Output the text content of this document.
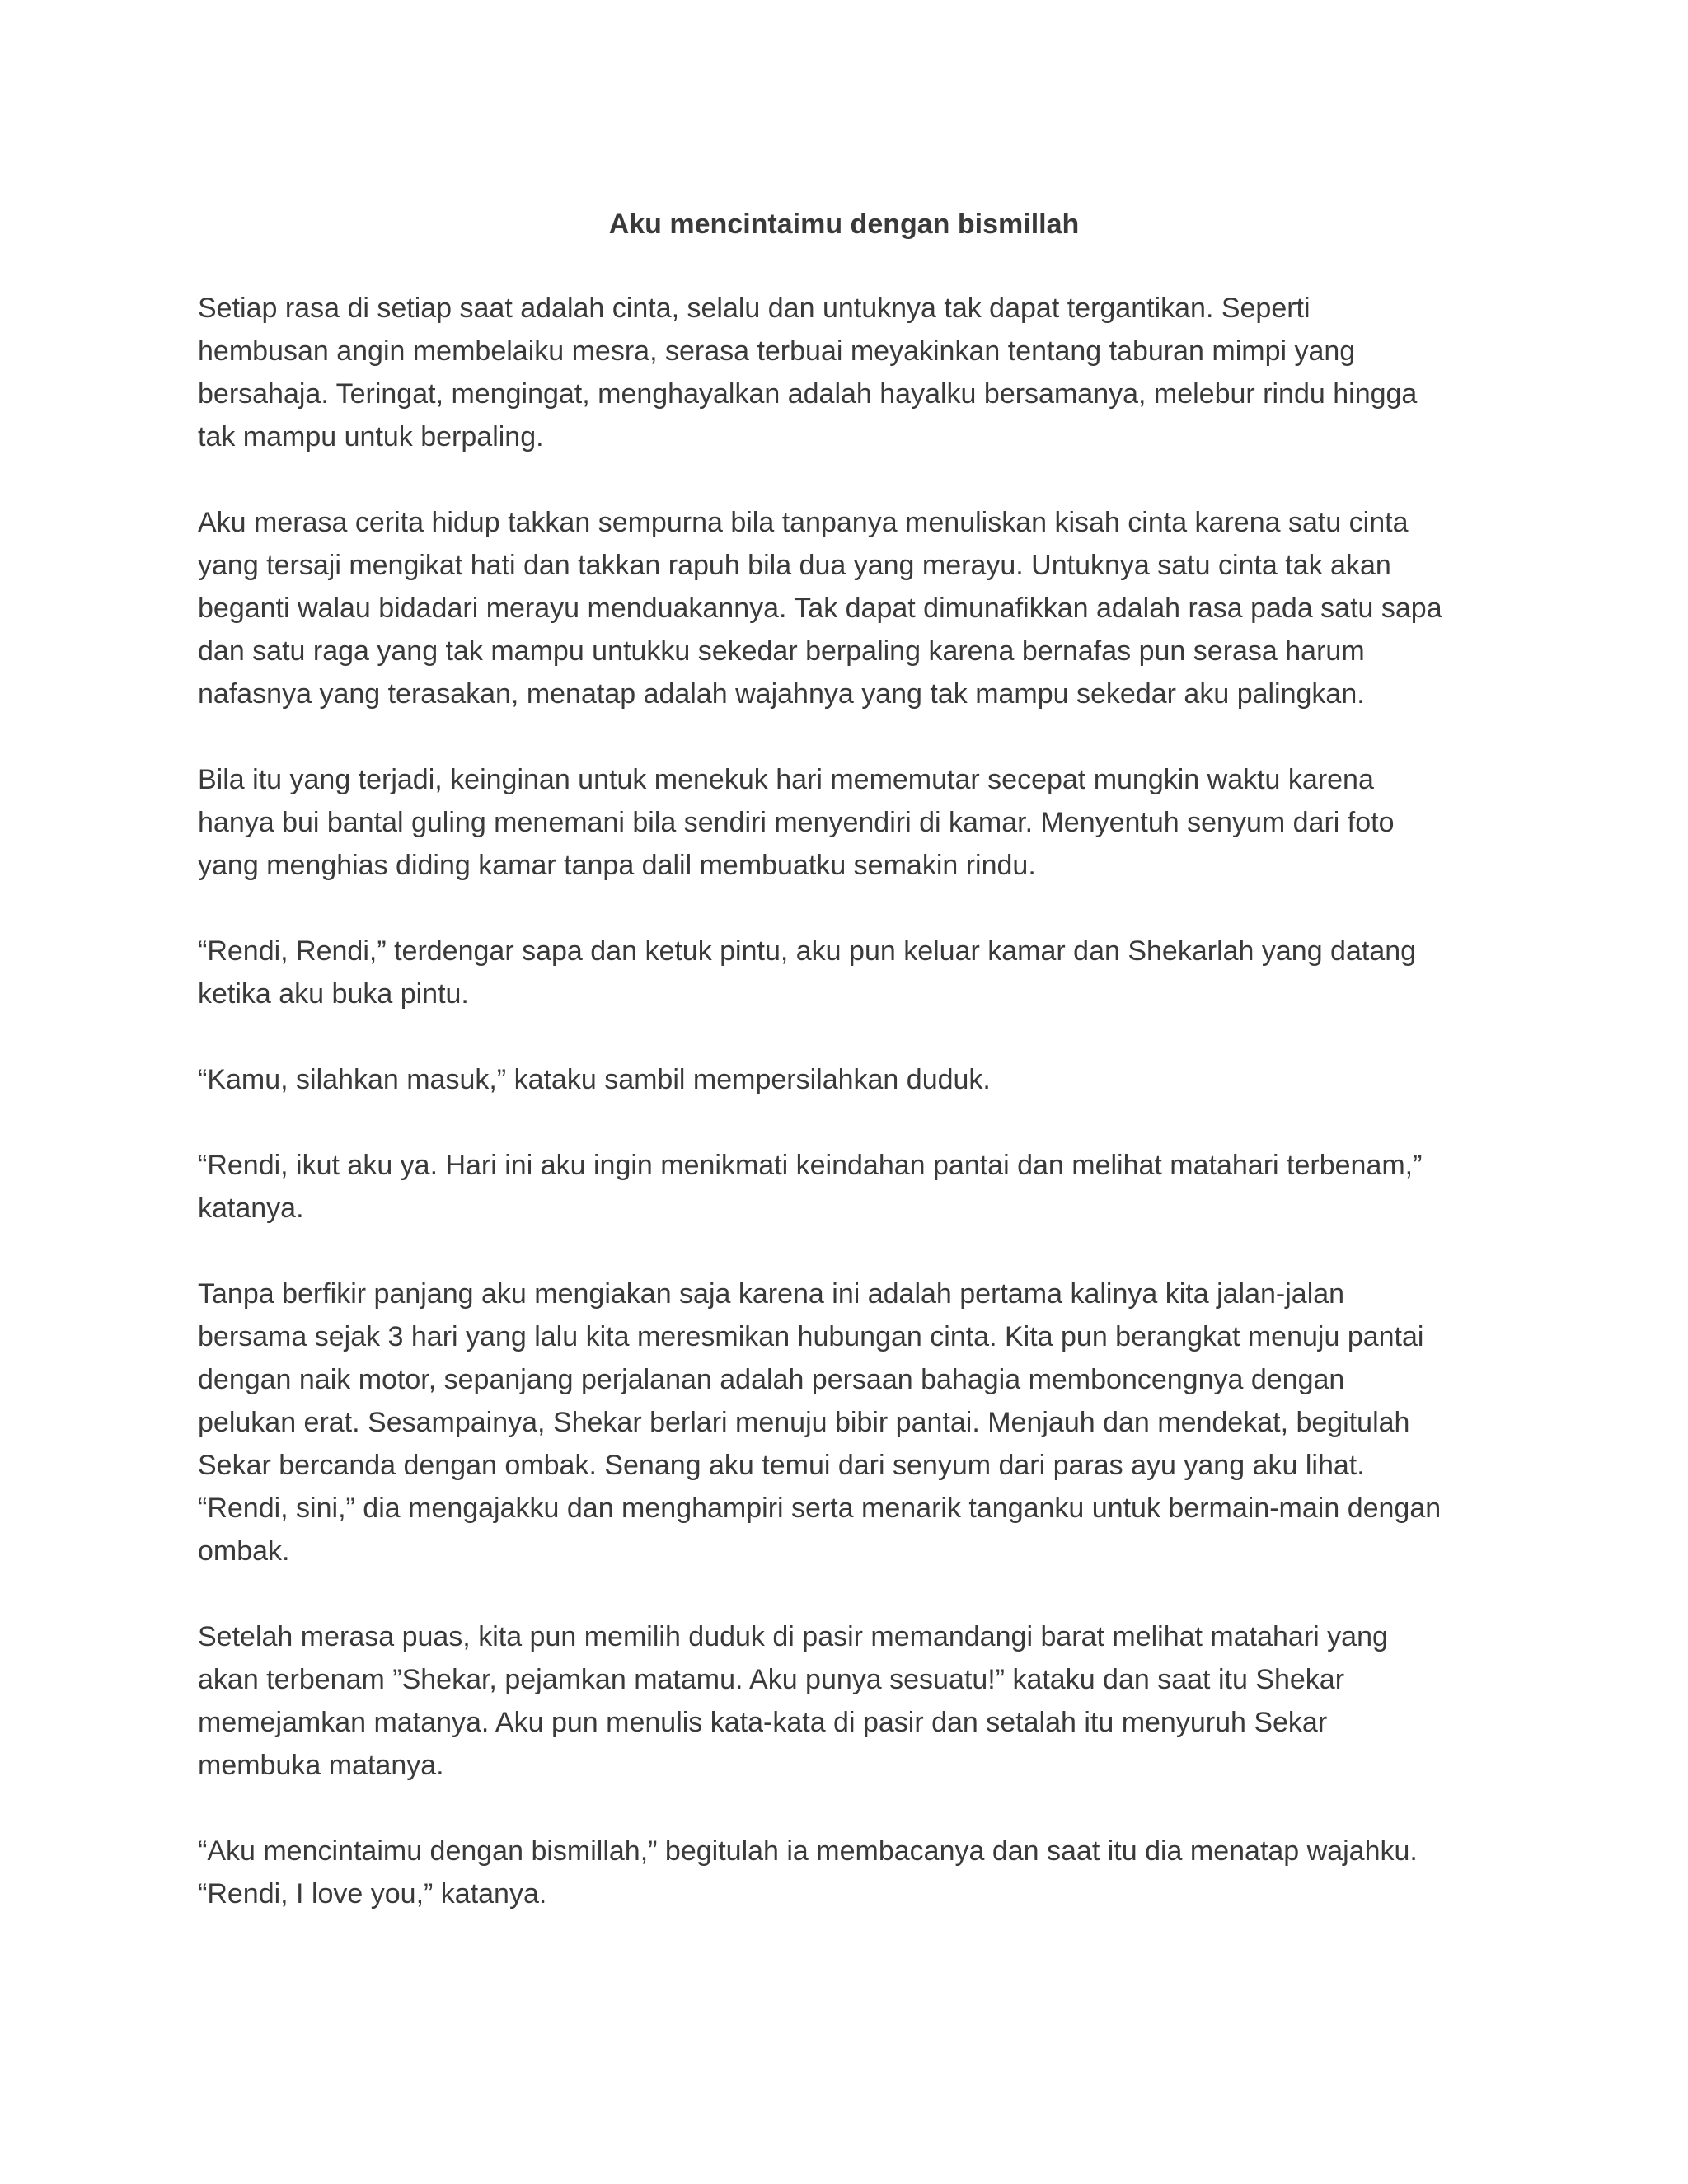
Aku mencintaimu dengan bismillah

Setiap rasa di setiap saat adalah cinta, selalu dan untuknya tak dapat tergantikan. Seperti
hembusan angin membelaiku mesra, serasa terbuai meyakinkan tentang taburan mimpi yang
bersahaja. Teringat, mengingat, menghayalkan adalah hayalku bersamanya, melebur rindu hingga
tak mampu untuk berpaling.

Aku merasa cerita hidup takkan sempurna bila tanpanya menuliskan kisah cinta karena satu cinta
yang tersaji mengikat hati dan takkan rapuh bila dua yang merayu. Untuknya satu cinta tak akan
beganti walau bidadari merayu menduakannya. Tak dapat dimunafikkan adalah rasa pada satu sapa
dan satu raga yang tak mampu untukku sekedar berpaling karena bernafas pun serasa harum
nafasnya yang terasakan, menatap adalah wajahnya yang tak mampu sekedar aku palingkan.

Bila itu yang terjadi, keinginan untuk menekuk hari mememutar secepat mungkin waktu karena
hanya bui bantal guling menemani bila sendiri menyendiri di kamar. Menyentuh senyum dari foto
yang menghias diding kamar tanpa dalil membuatku semakin rindu.

“Rendi, Rendi,” terdengar sapa dan ketuk pintu, aku pun keluar kamar dan Shekarlah yang datang
ketika aku buka pintu.

“Kamu, silahkan masuk,” kataku sambil mempersilahkan duduk.

“Rendi, ikut aku ya. Hari ini aku ingin menikmati keindahan pantai dan melihat matahari terbenam,”
katanya.

Tanpa berfikir panjang aku mengiakan saja karena ini adalah pertama kalinya kita jalan-jalan
bersama sejak 3 hari yang lalu kita meresmikan hubungan cinta. Kita pun berangkat menuju pantai
dengan naik motor, sepanjang perjalanan adalah persaan bahagia memboncengnya dengan
pelukan erat. Sesampainya, Shekar berlari menuju bibir pantai. Menjauh dan mendekat, begitulah
Sekar bercanda dengan ombak. Senang aku temui dari senyum dari paras ayu yang aku lihat.
“Rendi, sini,” dia mengajakku dan menghampiri serta menarik tanganku untuk bermain-main dengan
ombak.

Setelah merasa puas, kita pun memilih duduk di pasir memandangi barat melihat matahari yang
akan terbenam ”Shekar, pejamkan matamu. Aku punya sesuatu!” kataku dan saat itu Shekar
memejamkan matanya. Aku pun menulis kata-kata di pasir dan setalah itu menyuruh Sekar
membuka matanya.

“Aku mencintaimu dengan bismillah,” begitulah ia membacanya dan saat itu dia menatap wajahku.
“Rendi, I love you,” katanya.
